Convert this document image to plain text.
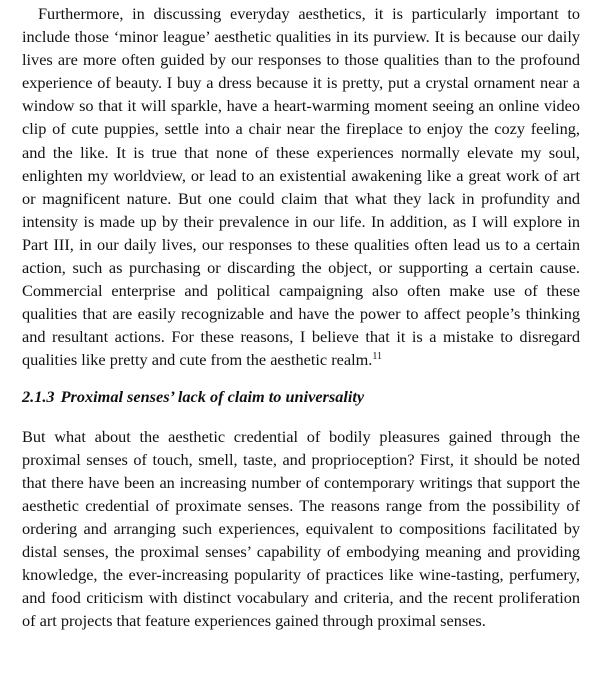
Furthermore, in discussing everyday aesthetics, it is particularly important to include those ‘minor league’ aesthetic qualities in its purview. It is because our daily lives are more often guided by our responses to those qualities than to the profound experience of beauty. I buy a dress because it is pretty, put a crystal ornament near a window so that it will sparkle, have a heart-warming moment seeing an online video clip of cute puppies, settle into a chair near the fireplace to enjoy the cozy feeling, and the like. It is true that none of these experiences normally elevate my soul, enlighten my worldview, or lead to an existential awakening like a great work of art or magnificent nature. But one could claim that what they lack in profundity and intensity is made up by their prevalence in our life. In addition, as I will explore in Part III, in our daily lives, our responses to these qualities often lead us to a certain action, such as purchasing or discarding the object, or supporting a certain cause. Commercial enterprise and political campaigning also often make use of these qualities that are easily recognizable and have the power to affect people’s thinking and resultant actions. For these reasons, I believe that it is a mistake to disregard qualities like pretty and cute from the aesthetic realm.$^{11}$

2.1.3 Proximal senses’ lack of claim to universality

But what about the aesthetic credential of bodily pleasures gained through the proximal senses of touch, smell, taste, and proprioception? First, it should be noted that there have been an increasing number of contemporary writings that support the aesthetic credential of proximate senses. The reasons range from the possibility of ordering and arranging such experiences, equivalent to compositions facilitated by distal senses, the proximal senses’ capability of embodying meaning and providing knowledge, the ever-increasing popularity of practices like wine-tasting, perfumery, and food criticism with distinct vocabulary and criteria, and the recent proliferation of art projects that feature experiences gained through proximal senses.
